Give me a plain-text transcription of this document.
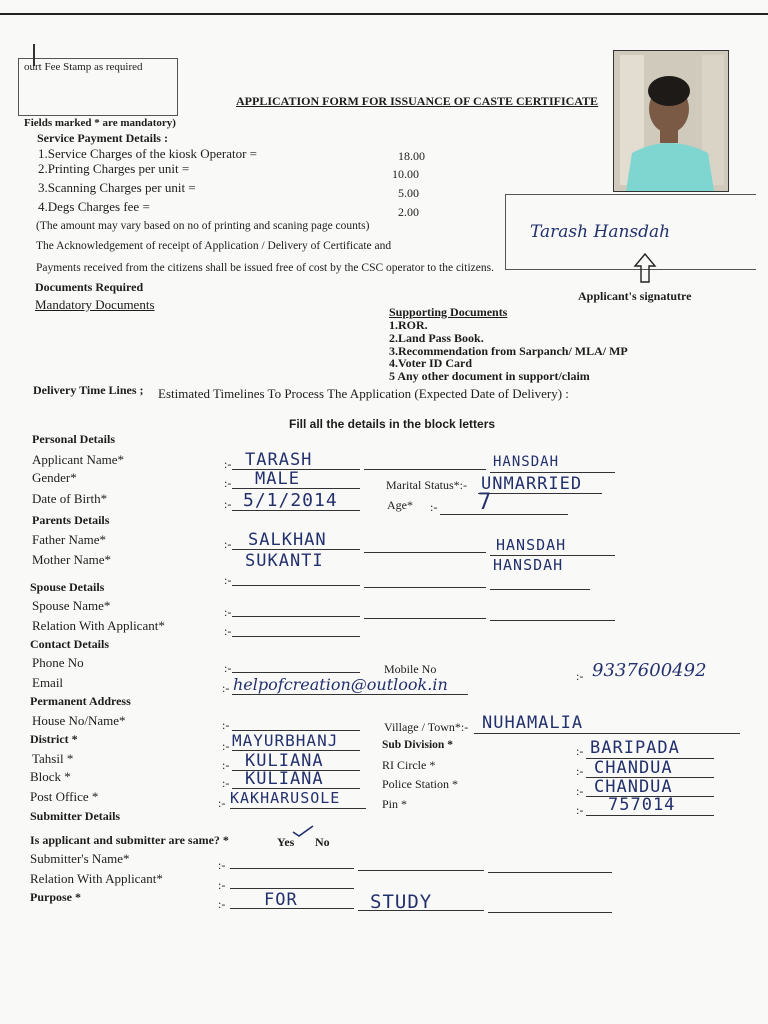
ourt Fee Stamp as required
APPLICATION FORM FOR ISSUANCE OF CASTE CERTIFICATE
Fields marked * are mandatory)
Service Payment Details :
1.Service Charges of the kiosk Operator =	18.00
2.Printing Charges per unit =	10.00
3.Scanning Charges per unit =	5.00
4.Degs Charges fee =	2.00
(The amount may vary based on no of printing and scaning page counts)
The Acknowledgement of receipt of Application / Delivery of Certificate and
Payments received from the citizens shall be issued free of cost by the CSC operator to the citizens.
Tarash Hansdah
Applicant's signatutre
Documents Required
Mandatory Documents	Supporting Documents
1.ROR.
2.Land Pass Book.
3.Recommendation from Sarpanch/ MLA/ MP
4.Voter ID Card
5 Any other document in support/claim
Delivery Time Lines ; Estimated Timelines To Process The Application (Expected Date of Delivery) :
Fill all the details in the block letters
Personal Details
Applicant Name*	:- TARASH	HANSDAH
Gender*	:- MALE	Marital Status*:- UNMARRIED
Date of Birth*	:- 5/1/2014	Age* :- 7
Parents Details
Father Name*	:- SALKHAN	HANSDAH
Mother Name*	SUKANTI	HANSDAH
:-
Spouse Details
Spouse Name*	:-
Relation With Applicant*	:-
Contact Details
Phone No	:-	Mobile No	:- 9337600492
Email	:- helpofcreation@outlook.in
Permanent Address
House No/Name*	:-	Village / Town*:- NUHAMALIA
District *	:- MAYURBHANJ	Sub Division *	:- BARIPADA
Tahsil *	:- KULIANA	RI Circle *	:- CHANDUA
Block *	:- KULIANA	Police Station *	:- CHANDUA
Post Office *	:- KAKHARUSOLE	Pin *	:- 757014
Submitter Details
Is applicant and submitter are same? *	Yes No
Submitter's Name*	:-
Relation With Applicant*	:-
Purpose *	:- FOR	STUDY
